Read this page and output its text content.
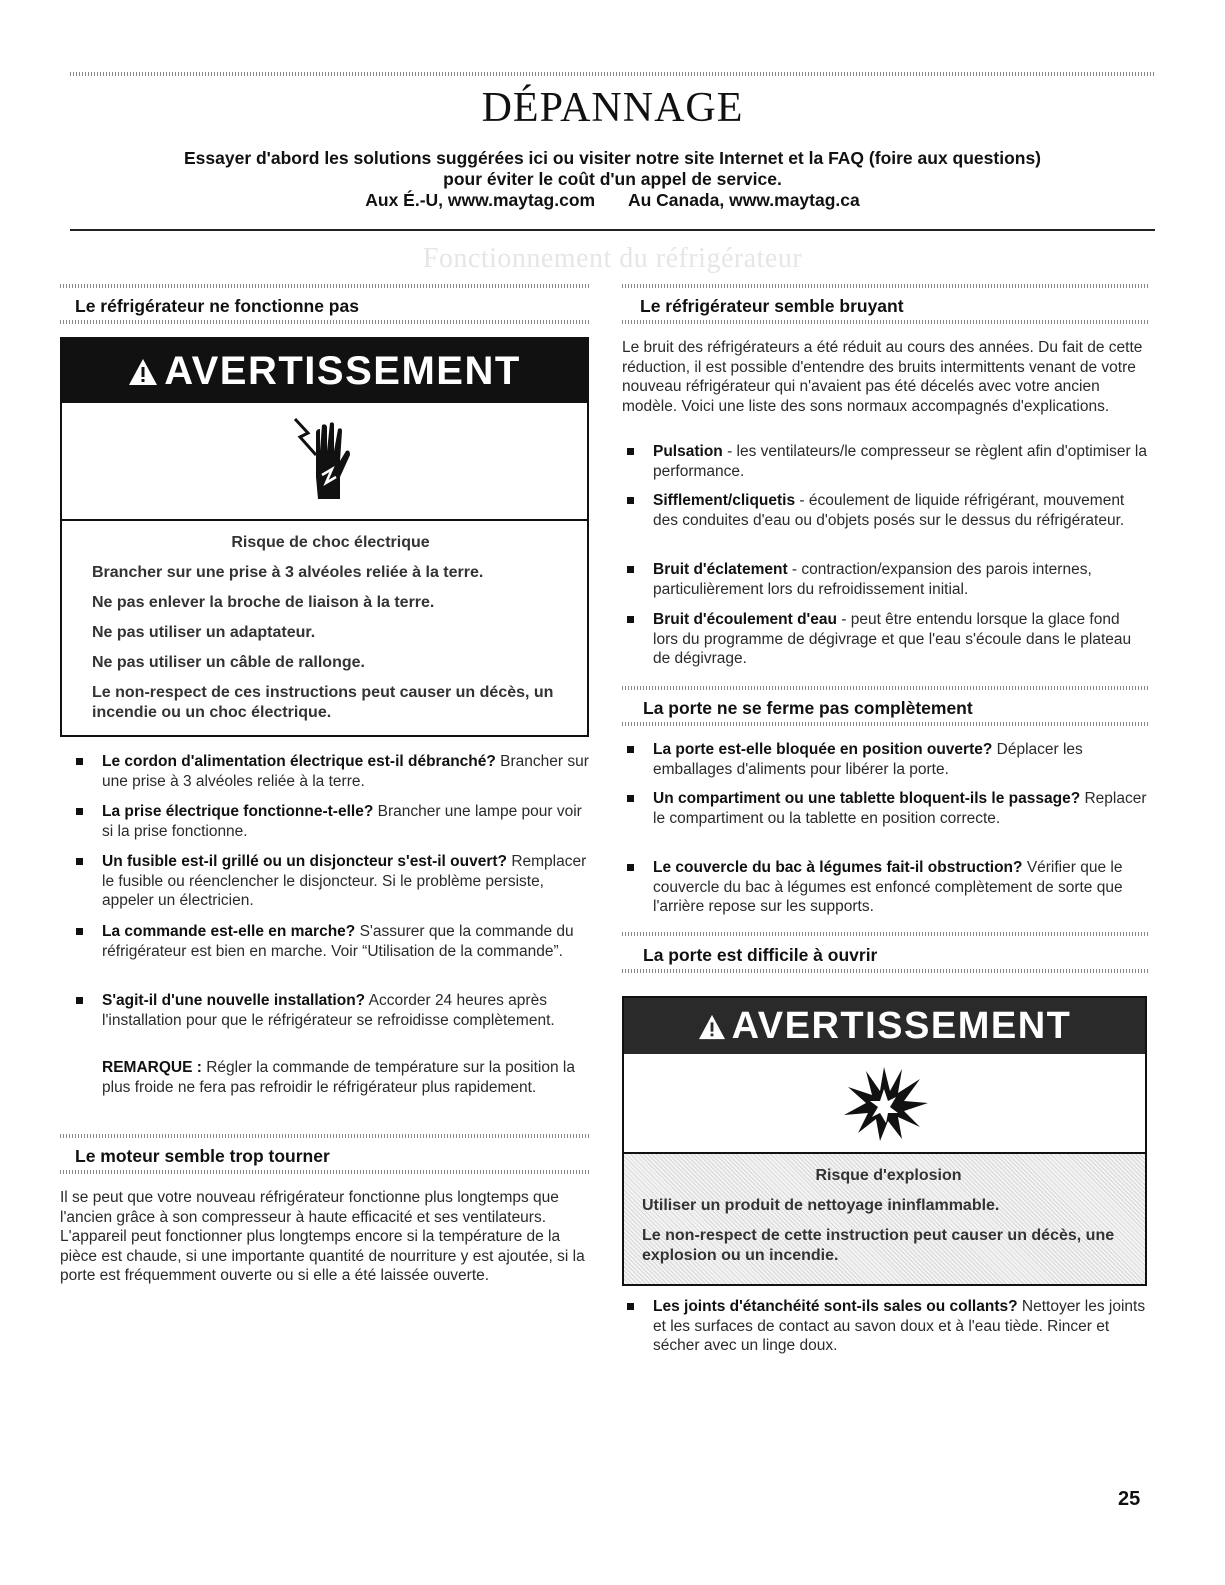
DÉPANNAGE
Essayer d'abord les solutions suggérées ici ou visiter notre site Internet et la FAQ (foire aux questions)
pour éviter le coût d'un appel de service.
Aux É.-U, www.maytag.com Au Canada, www.maytag.ca
Fonctionnement du réfrigérateur
Le réfrigérateur ne fonctionne pas
AVERTISSEMENT
Risque de choc électrique

Brancher sur une prise à 3 alvéoles reliée à la terre.

Ne pas enlever la broche de liaison à la terre.

Ne pas utiliser un adaptateur.

Ne pas utiliser un câble de rallonge.

Le non-respect de ces instructions peut causer un décès, un incendie ou un choc électrique.

Le cordon d'alimentation électrique est-il débranché? Brancher sur une prise à 3 alvéoles reliée à la terre.
La prise électrique fonctionne-t-elle? Brancher une lampe pour voir si la prise fonctionne.
Un fusible est-il grillé ou un disjoncteur s'est-il ouvert? Remplacer le fusible ou réenclencher le disjoncteur. Si le problème persiste, appeler un électricien.
La commande est-elle en marche? S'assurer que la commande du réfrigérateur est bien en marche. Voir “Utilisation de la commande”.
S'agit-il d'une nouvelle installation? Accorder 24 heures après l'installation pour que le réfrigérateur se refroidisse complètement.
REMARQUE : Régler la commande de température sur la position la plus froide ne fera pas refroidir le réfrigérateur plus rapidement.
Le moteur semble trop tourner

Il se peut que votre nouveau réfrigérateur fonctionne plus longtemps que l'ancien grâce à son compresseur à haute efficacité et ses ventilateurs. L'appareil peut fonctionner plus longtemps encore si la température de la pièce est chaude, si une importante quantité de nourriture y est ajoutée, si la porte est fréquemment ouverte ou si elle a été laissée ouverte.

Le réfrigérateur semble bruyant

Le bruit des réfrigérateurs a été réduit au cours des années. Du fait de cette réduction, il est possible d'entendre des bruits intermittents venant de votre nouveau réfrigérateur qui n'avaient pas été décelés avec votre ancien modèle. Voici une liste des sons normaux accompagnés d'explications.

Pulsation - les ventilateurs/le compresseur se règlent afin d'optimiser la performance.
Sifflement/cliquetis - écoulement de liquide réfrigérant, mouvement des conduites d'eau ou d'objets posés sur le dessus du réfrigérateur.
Bruit d'éclatement - contraction/expansion des parois internes, particulièrement lors du refroidissement initial.
Bruit d'écoulement d'eau - peut être entendu lorsque la glace fond lors du programme de dégivrage et que l'eau s'écoule dans le plateau de dégivrage.
La porte ne se ferme pas complètement
La porte est-elle bloquée en position ouverte? Déplacer les emballages d'aliments pour libérer la porte.
Un compartiment ou une tablette bloquent-ils le passage? Replacer le compartiment ou la tablette en position correcte.
Le couvercle du bac à légumes fait-il obstruction? Vérifier que le couvercle du bac à légumes est enfoncé complètement de sorte que l'arrière repose sur les supports.
La porte est difficile à ouvrir
AVERTISSEMENT
Risque d'explosion

Utiliser un produit de nettoyage ininflammable.

Le non-respect de cette instruction peut causer un décès, une explosion ou un incendie.

Les joints d'étanchéité sont-ils sales ou collants? Nettoyer les joints et les surfaces de contact au savon doux et à l'eau tiède. Rincer et sécher avec un linge doux.
25
